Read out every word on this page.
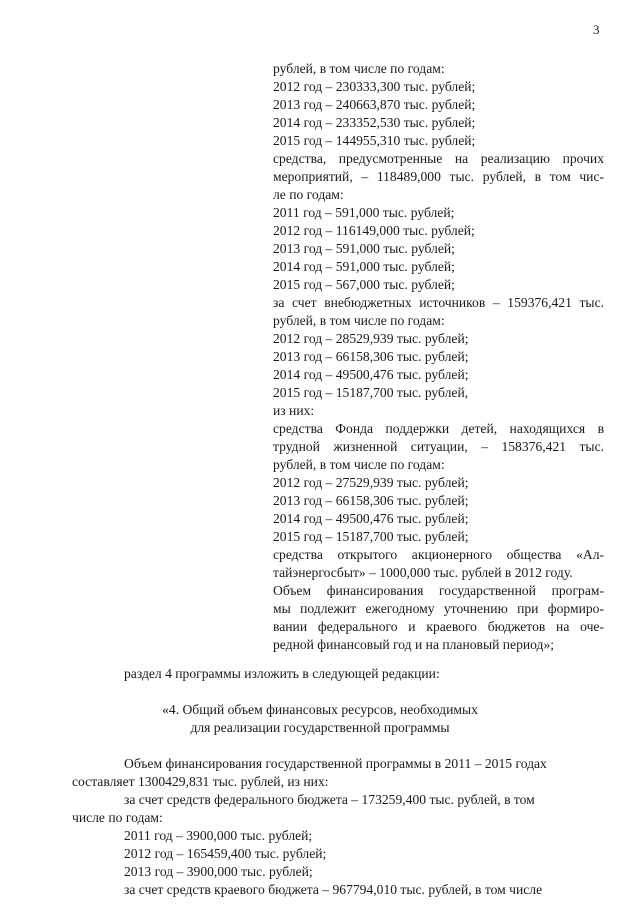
3
рублей, в том числе по годам:
2012 год – 230333,300 тыс. рублей;
2013 год – 240663,870 тыс. рублей;
2014 год – 233352,530 тыс. рублей;
2015 год – 144955,310 тыс. рублей;
средства, предусмотренные на реализацию прочих
мероприятий, – 118489,000 тыс. рублей, в том чис-
ле по годам:
2011 год – 591,000 тыс. рублей;
2012 год – 116149,000 тыс. рублей;
2013 год – 591,000 тыс. рублей;
2014 год – 591,000 тыс. рублей;
2015 год – 567,000 тыс. рублей;
за счет внебюджетных источников – 159376,421 тыс.
рублей, в том числе по годам:
2012 год – 28529,939 тыс. рублей;
2013 год – 66158,306 тыс. рублей;
2014 год – 49500,476 тыс. рублей;
2015 год – 15187,700 тыс. рублей,
из них:
средства Фонда поддержки детей, находящихся в
трудной жизненной ситуации, – 158376,421 тыс.
рублей, в том числе по годам:
2012 год – 27529,939 тыс. рублей;
2013 год – 66158,306 тыс. рублей;
2014 год – 49500,476 тыс. рублей;
2015 год – 15187,700 тыс. рублей;
средства открытого акционерного общества «Ал-
тайэнергосбыт» – 1000,000 тыс. рублей в 2012 году.
Объем финансирования государственной програм-
мы подлежит ежегодному уточнению при формиро-
вании федерального и краевого бюджетов на оче-
редной финансовый год и на плановый период»;
раздел 4 программы изложить в следующей редакции:
«4. Общий объем финансовых ресурсов, необходимых
для реализации государственной программы
Объем финансирования государственной программы в 2011 – 2015 годах
составляет 1300429,831 тыс. рублей, из них:
за счет средств федерального бюджета – 173259,400 тыс. рублей, в том
числе по годам:
2011 год – 3900,000 тыс. рублей;
2012 год – 165459,400 тыс. рублей;
2013 год – 3900,000 тыс. рублей;
за счет средств краевого бюджета – 967794,010 тыс. рублей, в том числе
